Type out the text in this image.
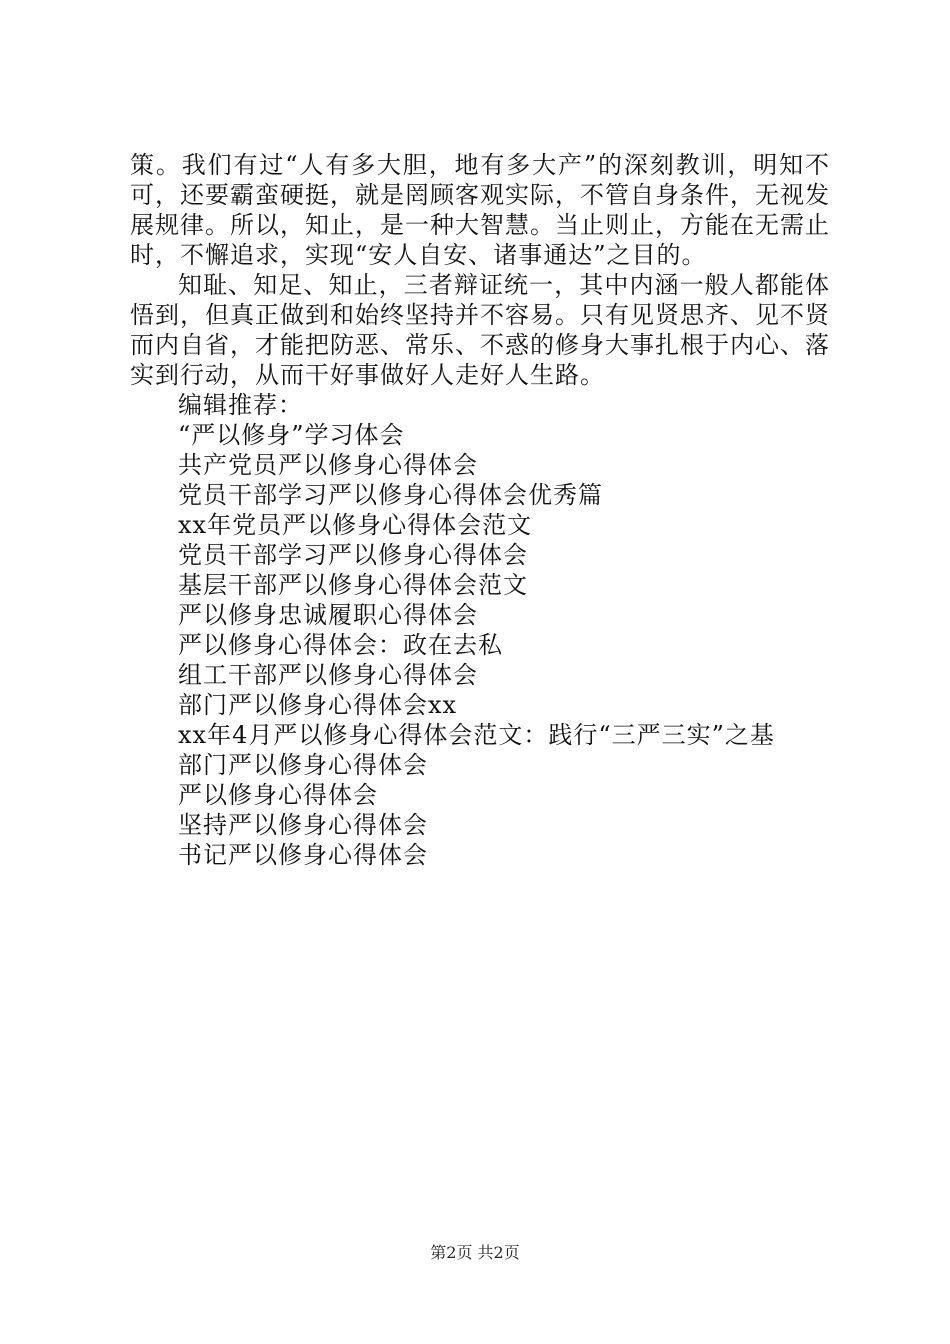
策。我们有过“人有多大胆，地有多大产”的深刻教训，明知不可，还要霸蛮硬挺，就是罔顾客观实际，不管自身条件，无视发展规律。所以，知止，是一种大智慧。当止则止，方能在无需止时，不懈追求，实现“安人自安、诸事通达”之目的。

知耻、知足、知止，三者辩证统一，其中内涵一般人都能体悟到，但真正做到和始终坚持并不容易。只有见贤思齐、见不贤而内自省，才能把防恶、常乐、不惑的修身大事扎根于内心、落实到行动，从而干好事做好人走好人生路。

编辑推荐：

“严以修身”学习体会
共产党员严以修身心得体会
党员干部学习严以修身心得体会优秀篇
xx年党员严以修身心得体会范文
党员干部学习严以修身心得体会
基层干部严以修身心得体会范文
严以修身忠诚履职心得体会
严以修身心得体会：政在去私
组工干部严以修身心得体会
部门严以修身心得体会xx
xx年4月严以修身心得体会范文：践行“三严三实”之基
部门严以修身心得体会
严以修身心得体会
坚持严以修身心得体会
书记严以修身心得体会
第2页 共2页
